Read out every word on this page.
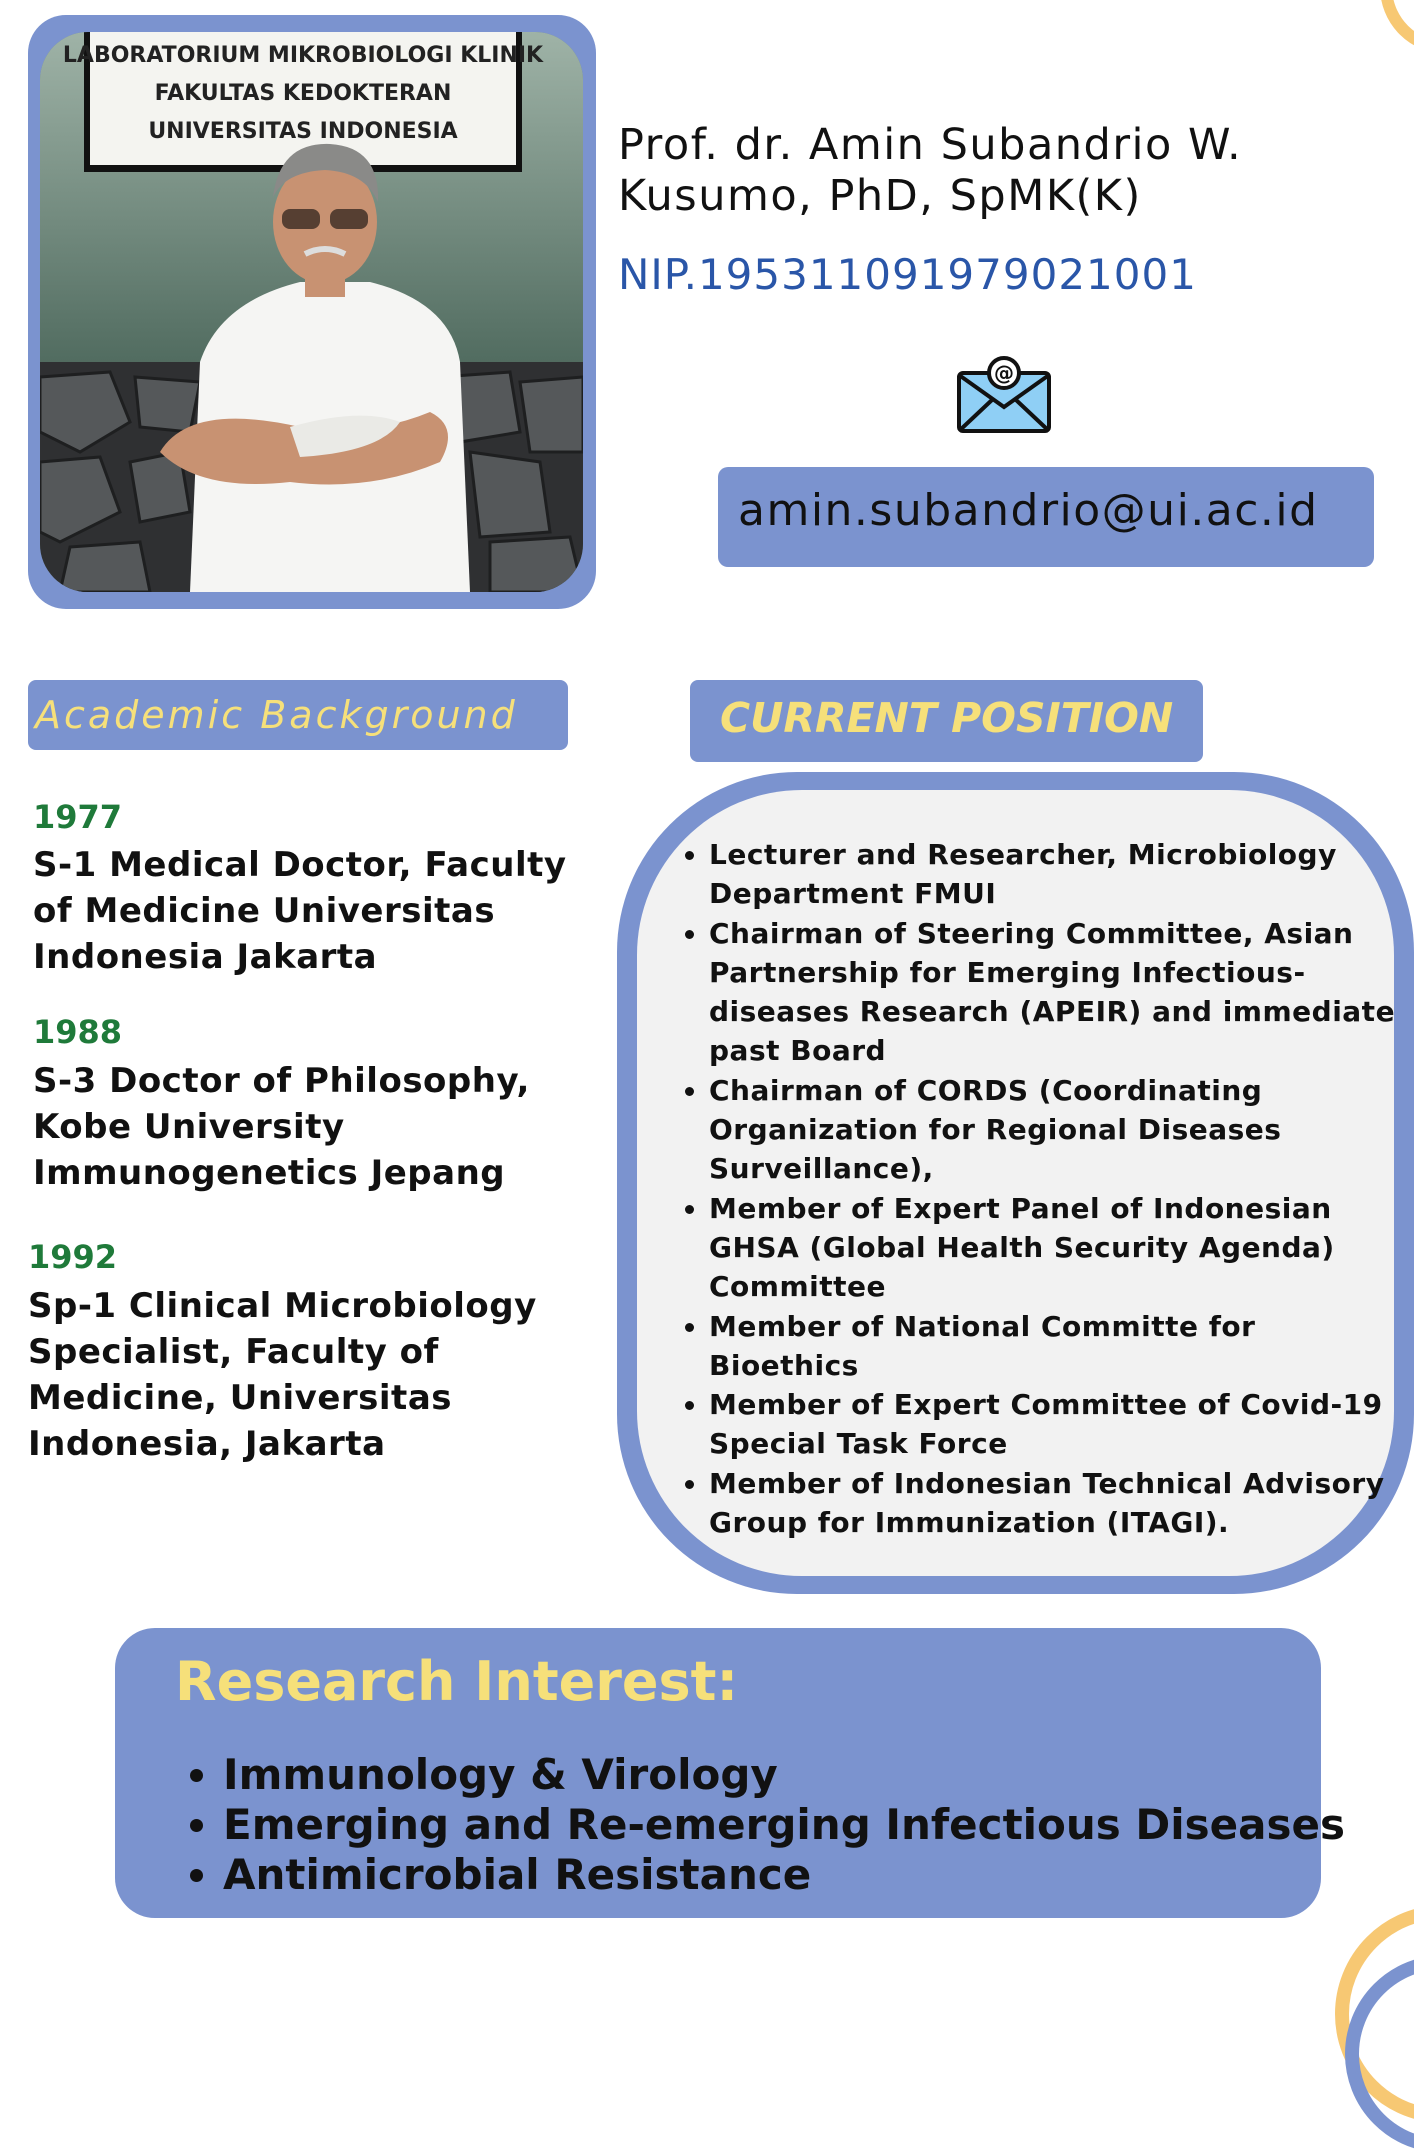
LABORATORIUM MIKROBIOLOGI KLINIK
FAKULTAS KEDOKTERAN
UNIVERSITAS INDONESIA	Prof. dr. Amin Subandrio W.
Kusumo, PhD, SpMK(K)
NIP.195311091979021001
@
amin.subandrio@ui.ac.id
Academic Background	CURRENT POSITION
1977
S-1 Medical Doctor, Faculty of Medicine Universitas Indonesia Jakarta
1988
S-3 Doctor of Philosophy, Kobe University Immunogenetics Jepang
1992
Sp-1 Clinical Microbiology Specialist, Faculty of Medicine, Universitas Indonesia, Jakarta
• Lecturer and Researcher, Microbiology Department FMUI
• Chairman of Steering Committee, Asian Partnership for Emerging Infectious-diseases Research (APEIR) and immediate past Board
• Chairman of CORDS (Coordinating Organization for Regional Diseases Surveillance),
• Member of Expert Panel of Indonesian GHSA (Global Health Security Agenda) Committee
• Member of National Committe for Bioethics
• Member of Expert Committee of Covid-19 Special Task Force
• Member of Indonesian Technical Advisory Group for Immunization (ITAGI).
Research Interest:
• Immunology & Virology
• Emerging and Re-emerging Infectious Diseases
• Antimicrobial Resistance
